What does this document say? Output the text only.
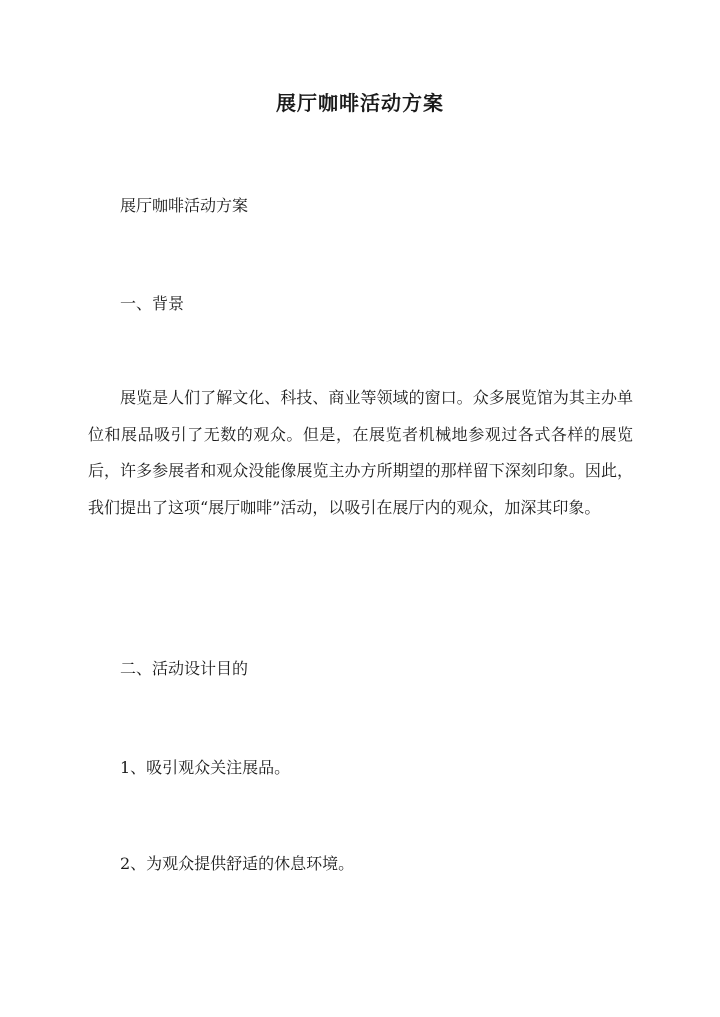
展厅咖啡活动方案

展厅咖啡活动方案

一、背景

展览是人们了解文化、科技、商业等领域的窗口。众多展览馆为其主办单位和展品吸引了无数的观众。但是，在展览者机械地参观过各式各样的展览后，许多参展者和观众没能像展览主办方所期望的那样留下深刻印象。因此，我们提出了这项“展厅咖啡”活动，以吸引在展厅内的观众，加深其印象。

二、活动设计目的

1、吸引观众关注展品。

2、为观众提供舒适的休息环境。
